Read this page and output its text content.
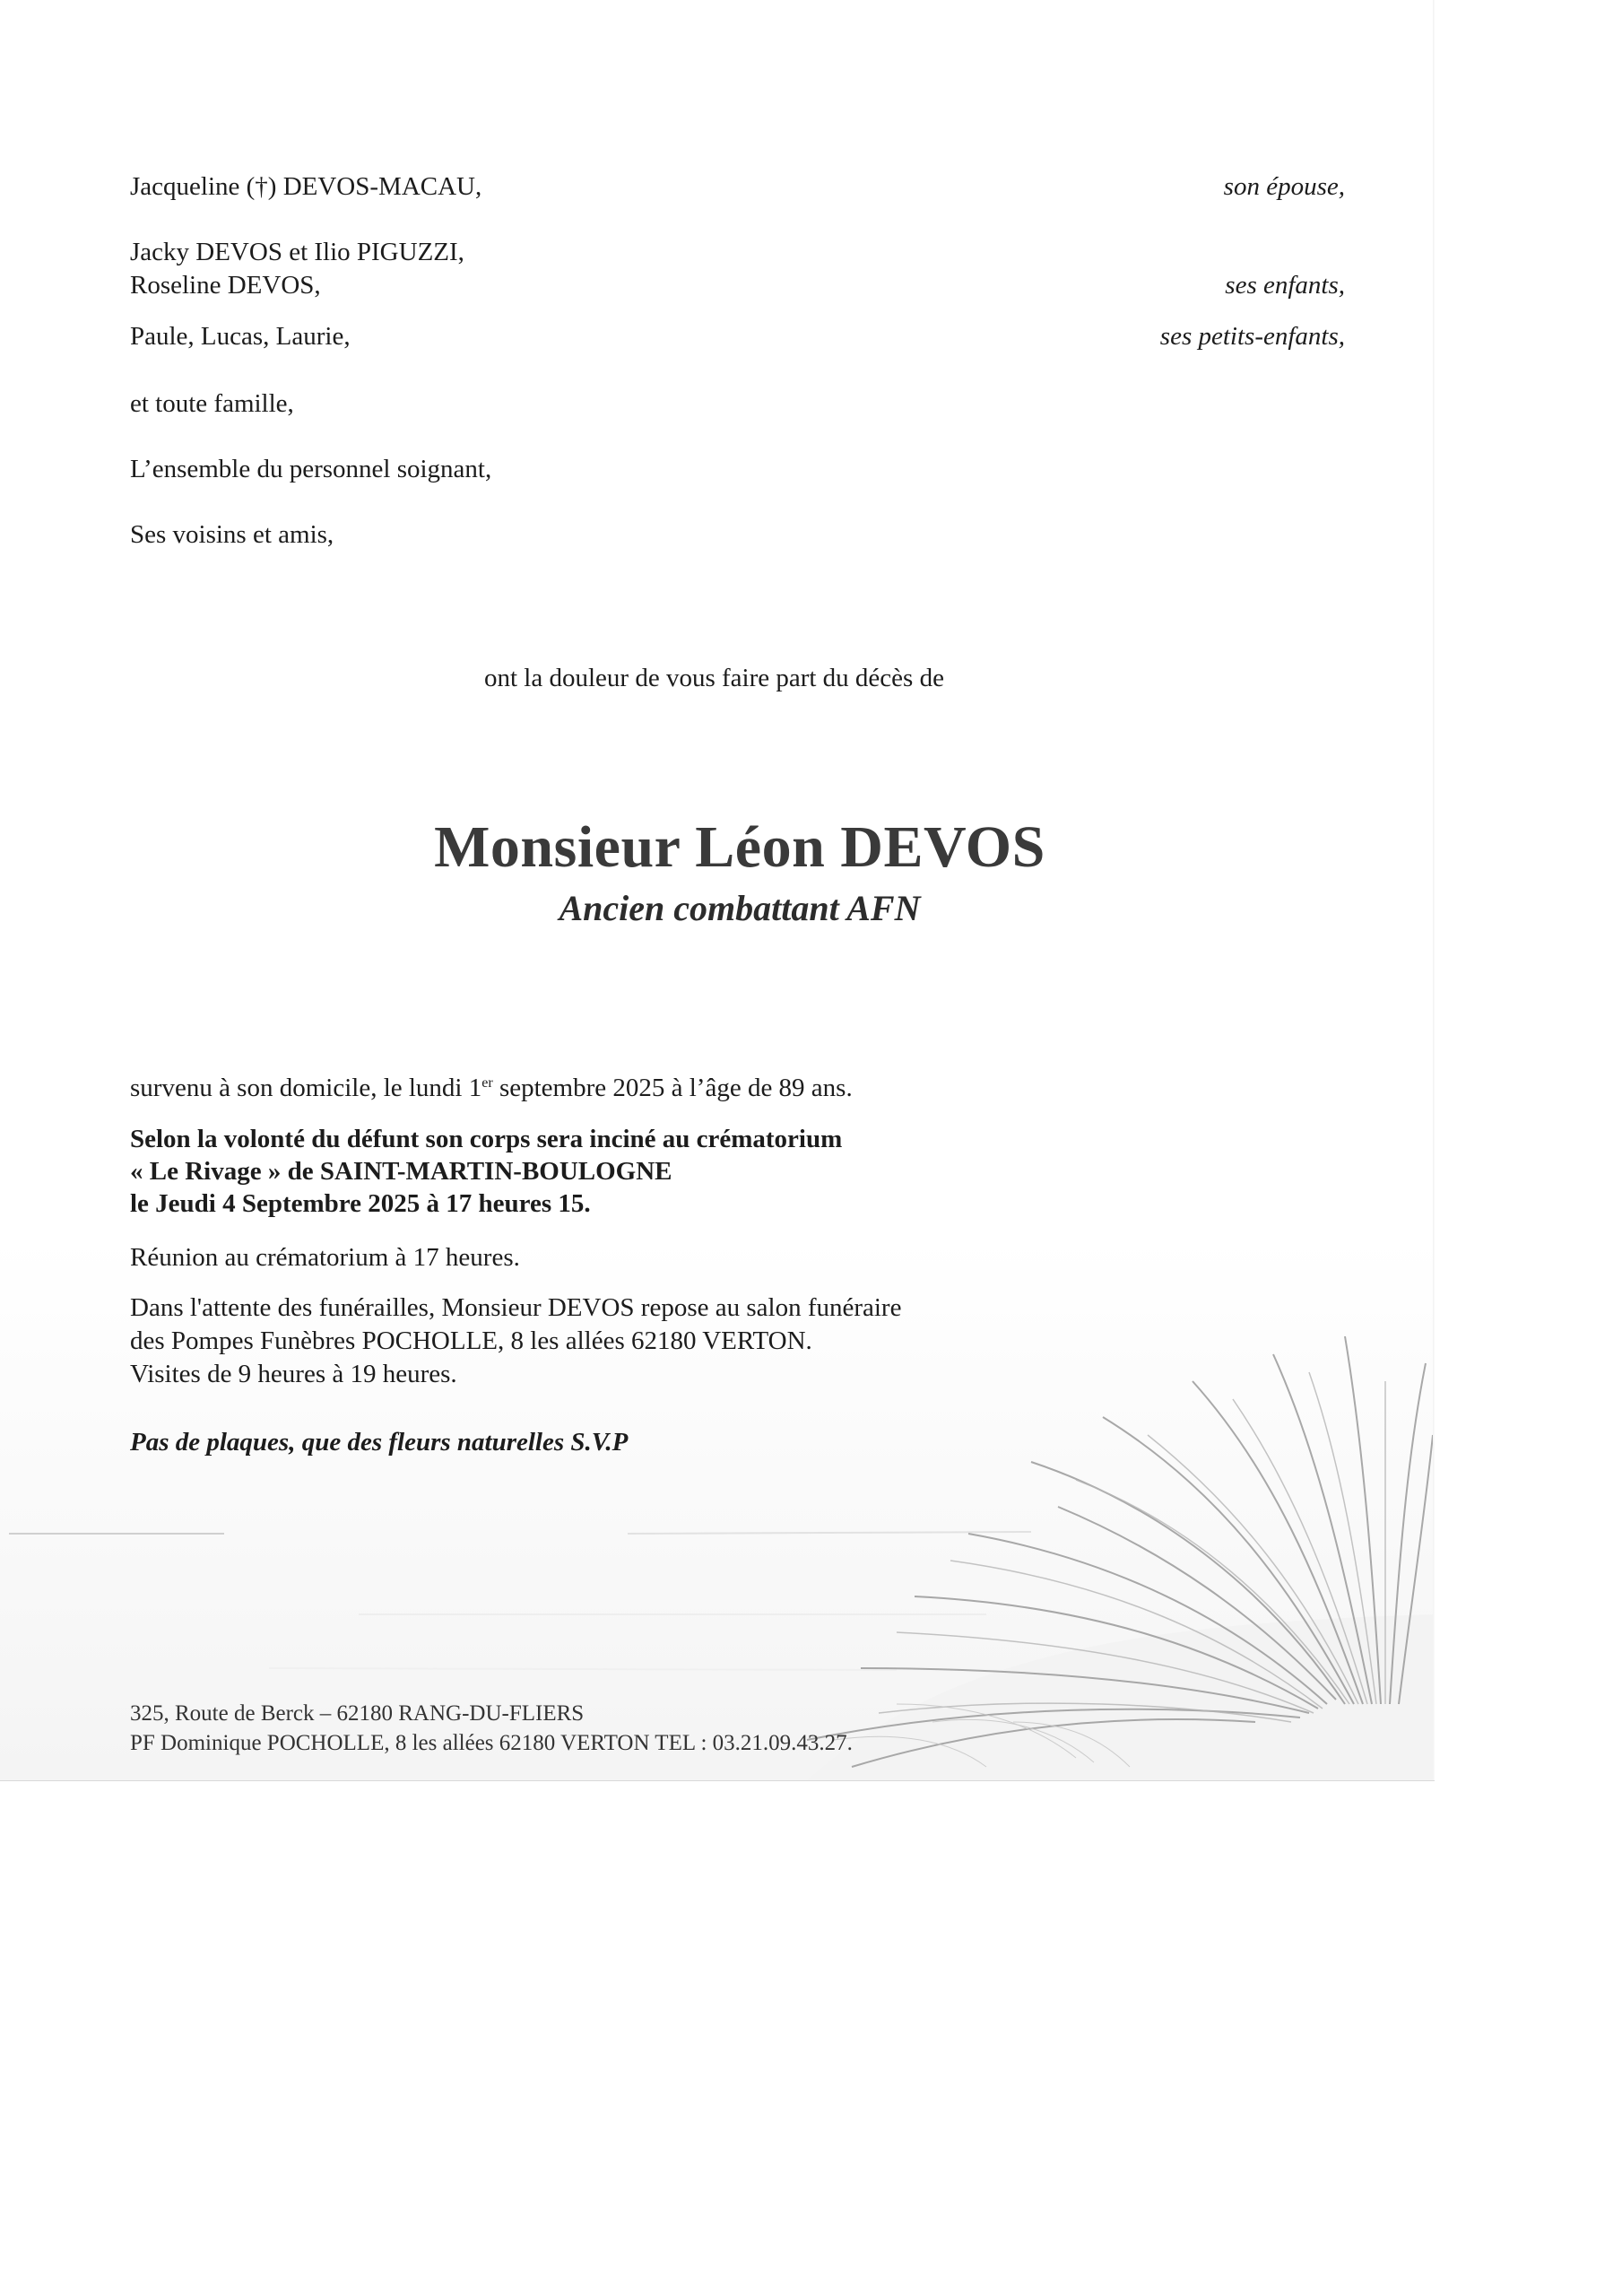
Jacqueline (†) DEVOS-MACAU,	son épouse,
Jacky DEVOS et Ilio PIGUZZI,
Roseline DEVOS,	ses enfants,
Paule, Lucas, Laurie,	ses petits-enfants,
et toute famille,
L’ensemble du personnel soignant,
Ses voisins et amis,
ont la douleur de vous faire part du décès de
Monsieur Léon DEVOS
Ancien combattant AFN
survenu à son domicile, le lundi 1er septembre 2025 à l’âge de 89 ans.
Selon la volonté du défunt son corps sera inciné au crématorium
« Le Rivage » de SAINT-MARTIN-BOULOGNE
le Jeudi 4 Septembre 2025 à 17 heures 15.
Réunion au crématorium à 17 heures.
Dans l'attente des funérailles, Monsieur DEVOS repose au salon funéraire
des Pompes Funèbres POCHOLLE, 8 les allées 62180 VERTON.
Visites de 9 heures à 19 heures.
Pas de plaques, que des fleurs naturelles S.V.P
325, Route de Berck – 62180 RANG-DU-FLIERS
PF Dominique POCHOLLE, 8 les allées 62180 VERTON TEL : 03.21.09.43.27.
